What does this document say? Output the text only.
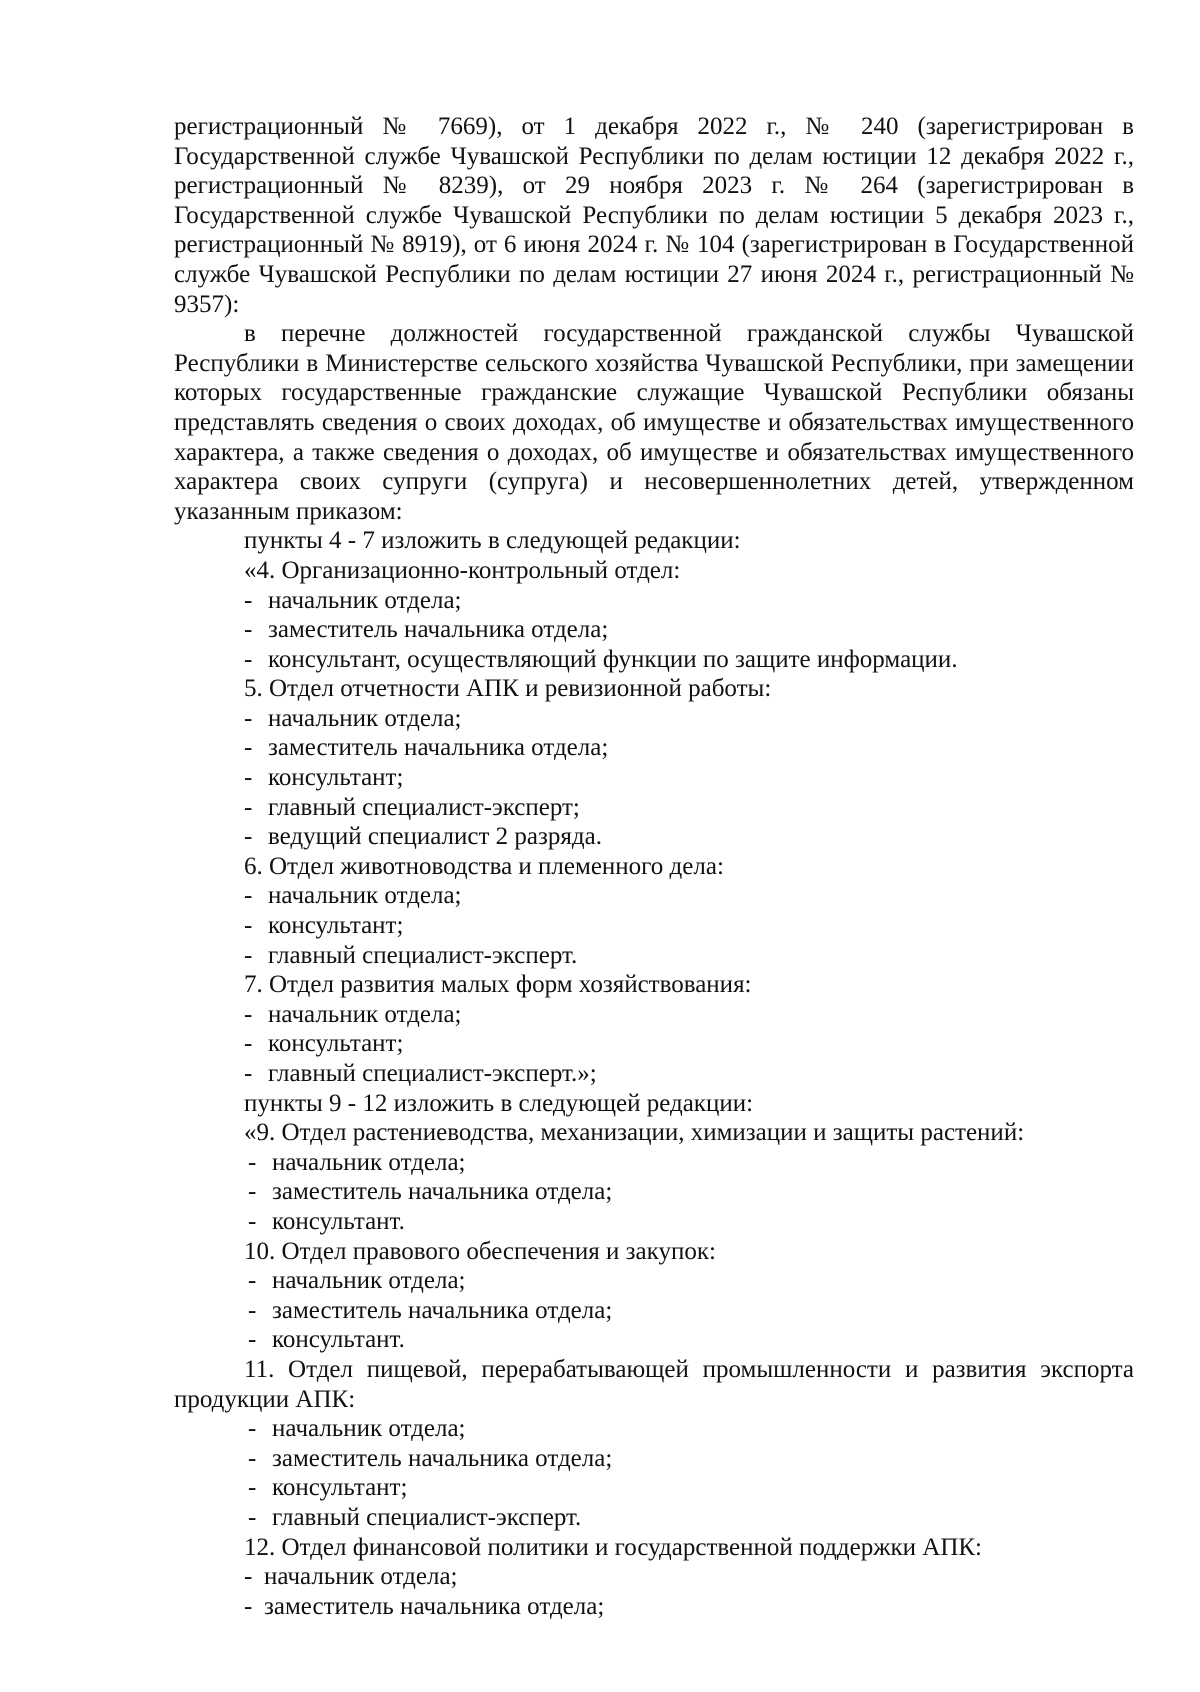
регистрационный № 7669), от 1 декабря 2022 г., № 240 (зарегистрирован в Государственной службе Чувашской Республики по делам юстиции 12 декабря 2022 г., регистрационный № 8239), от 29 ноября 2023 г. № 264 (зарегистрирован в Государственной службе Чувашской Республики по делам юстиции 5 декабря 2023 г., регистрационный № 8919), от 6 июня 2024 г. № 104 (зарегистрирован в Государственной службе Чувашской Республики по делам юстиции 27 июня 2024 г., регистрационный № 9357):

в перечне должностей государственной гражданской службы Чувашской Республики в Министерстве сельского хозяйства Чувашской Республики, при замещении которых государственные гражданские служащие Чувашской Республики обязаны представлять сведения о своих доходах, об имуществе и обязательствах имущественного характера, а также сведения о доходах, об имуществе и обязательствах имущественного характера своих супруги (супруга) и несовершеннолетних детей, утвержденном указанным приказом:

пункты 4 - 7 изложить в следующей редакции:

«4. Организационно-контрольный отдел:

- начальник отдела;

- заместитель начальника отдела;

- консультант, осуществляющий функции по защите информации.

5. Отдел отчетности АПК и ревизионной работы:

- начальник отдела;

- заместитель начальника отдела;

- консультант;

- главный специалист-эксперт;

- ведущий специалист 2 разряда.

6. Отдел животноводства и племенного дела:

- начальник отдела;

- консультант;

- главный специалист-эксперт.

7. Отдел развития малых форм хозяйствования:

- начальник отдела;

- консультант;

- главный специалист-эксперт.»;

пункты 9 - 12 изложить в следующей редакции:

«9. Отдел растениеводства, механизации, химизации и защиты растений:

- начальник отдела;

- заместитель начальника отдела;

- консультант.

10. Отдел правового обеспечения и закупок:

- начальник отдела;

- заместитель начальника отдела;

- консультант.

11. Отдел пищевой, перерабатывающей промышленности и развития экспорта продукции АПК:

- начальник отдела;

- заместитель начальника отдела;

- консультант;

- главный специалист-эксперт.

12. Отдел финансовой политики и государственной поддержки АПК:

- начальник отдела;

- заместитель начальника отдела;
